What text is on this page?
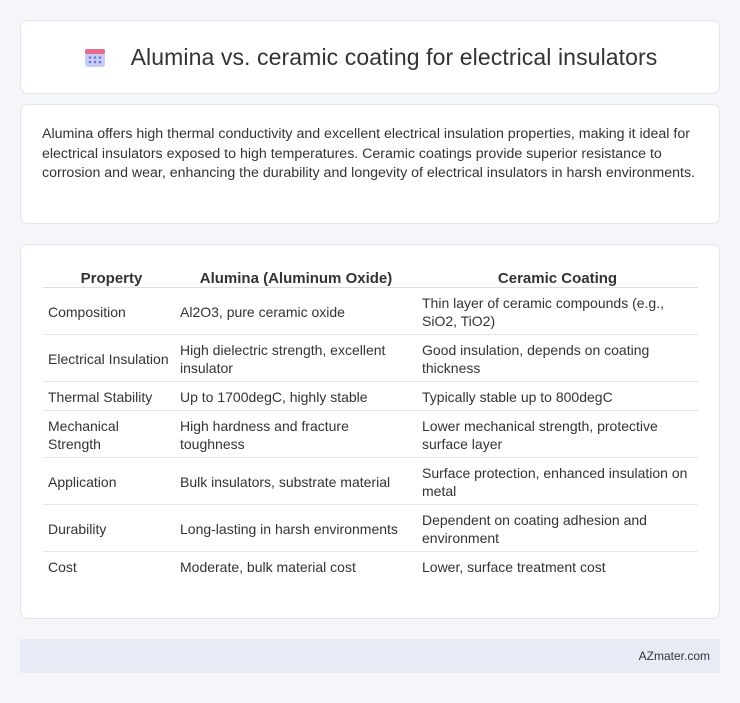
Alumina vs. ceramic coating for electrical insulators

Alumina offers high thermal conductivity and excellent electrical insulation properties, making it ideal for electrical insulators exposed to high temperatures. Ceramic coatings provide superior resistance to corrosion and wear, enhancing the durability and longevity of electrical insulators in harsh environments.

Property	Alumina (Aluminum Oxide)	Ceramic Coating
Composition	Al2O3, pure ceramic oxide	Thin layer of ceramic compounds (e.g., SiO2, TiO2)
Electrical Insulation	High dielectric strength, excellent insulator	Good insulation, depends on coating thickness
Thermal Stability	Up to 1700degC, highly stable	Typically stable up to 800degC
Mechanical Strength	High hardness and fracture toughness	Lower mechanical strength, protective surface layer
Application	Bulk insulators, substrate material	Surface protection, enhanced insulation on metal
Durability	Long-lasting in harsh environments	Dependent on coating adhesion and environment
Cost	Moderate, bulk material cost	Lower, surface treatment cost
AZmater.com
